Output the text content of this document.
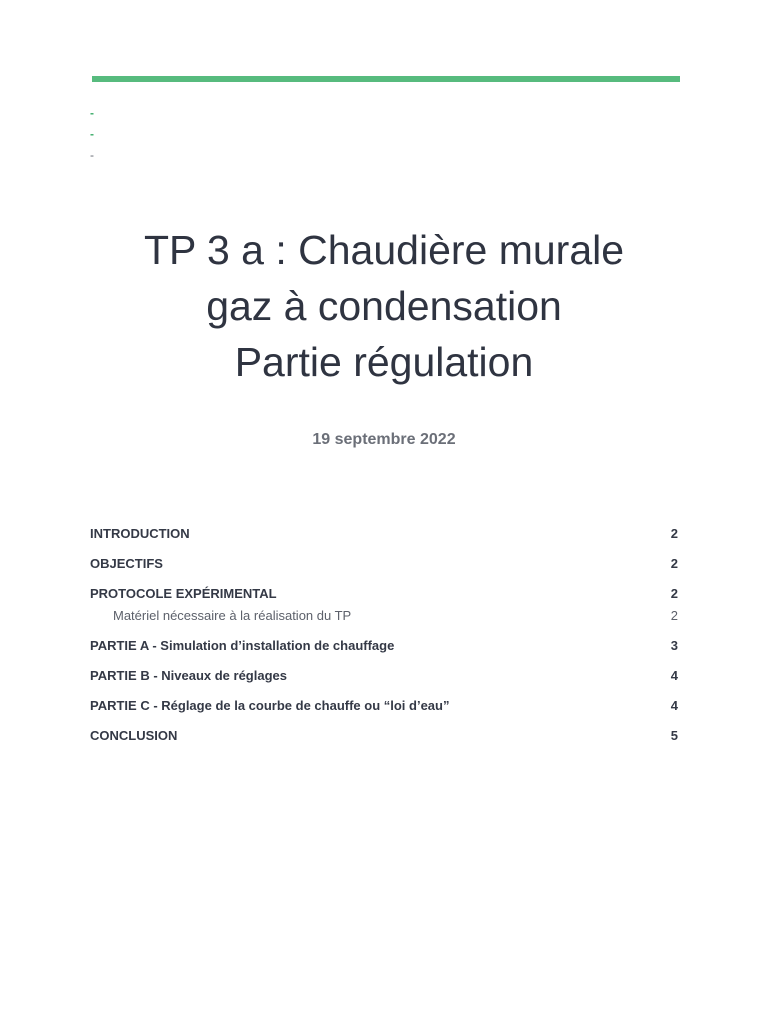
-
-
-
TP 3 a : Chaudière murale
gaz à condensation
Partie régulation
19 septembre 2022
INTRODUCTION	2
OBJECTIFS	2
PROTOCOLE EXPÉRIMENTAL	2
Matériel nécessaire à la réalisation du TP	2
PARTIE A - Simulation d’installation de chauffage	3
PARTIE B - Niveaux de réglages	4
PARTIE C - Réglage de la courbe de chauffe ou “loi d’eau”	4
CONCLUSION	5
